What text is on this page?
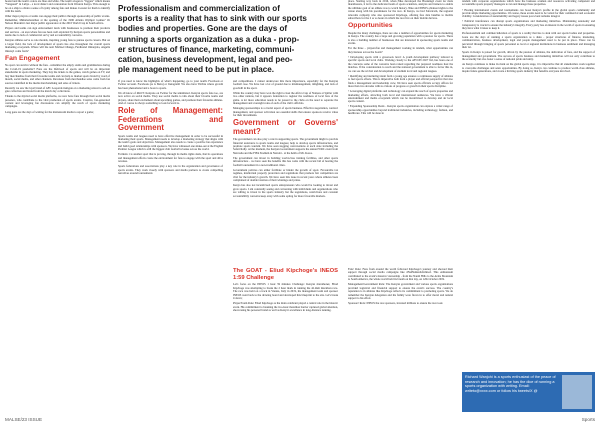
Professionalism and commercialization of
sports is a reality that has to sink with our sports
bodies and properties. Gone are the days of
running a sports organization as a duka - prop-
er structures of finance, marketing, communi-
cation, business development, legal and peo-
ple management need to be put in place.

hosted and the team's colors are blue and white. The team's slogan is "Jiggers" which means "Vanguard" in Luhya - a local dialect and connotation from Western Kenya. This enough to be on a ship to obtain a sense of loyalty among fans and makes it easier for them to identify with the team.

Other major players or teams can engage their publics through sponsorship of public events. Remember, Mkhalomarathon at the opening of the 1996 Atlanta Olympic Games? Or Nelson Mandela's last major public appearance at the 2010 World Cup in South Africa.

Players and teams can sign endorsement deals with businesses to promote their products and services - an area where fan use been well exploited by Kenyan sports personalities and teams due to lack of commercial savvy and accountability concerns.

Kenyan athletes serve as role models, inspiring young fans to pursue sports careers. But on a larger field, the lack of development of sports has also throughout the overall sports marketing ecosystem. Where will the next Michael Olunga, Ferdinand Omanyala, Angella Okutoyi come from?

Fan Engagement

No sport can survive without the fans - remember the empty stadia and grammarians during the Covid-19 pandemic? Fans are the lifeblood of sports and will be an important stakeholder in sports marketing. They buy the tickets to the games, watch games on TV, and buy merchandise from their favourite teams and can help to market sports brand by word of mouth, social media, and other channels. Revenues from merchandise sales come from fan sources identified in the media merchandising and sales of tickets.

Recently we saw the loyal brand of AFC Leopards instigate on a marketing retreat to sell-on gate collection and brand from the match day collections.

Thanks to the myriad social media platforms, we now have fans through their social media presence, who contribute to the vital promotion of sports events. Creative, fan-generated content and leveraging fan discussions can amplify the reach of sports marketing campaigns.

Long gone are the days of waiting for the mainstream media to report a game;

If you need to know the highlights of what's happening, go to your team's Facebook or Twitter account. Facebook (as is Meta) or Instagram! We also have TikTok where growth has been phenomenal and a boon to sports.

We all know of #KOT: Kenyans on Twitter for the uninitiated. Kenyan sports fans too, are now active on social media. They use social media to talk about their favorite teams and players, share their excitement about upcoming games, and promote their favourite athletes. And of course is always something to look forward to.

Role of Management: Federations and Government

Sports teams and leagues need to have effective management in order to be successful in marketing their sports. Management needs to develop a marketing strategy that aligns with the team's goals and objectives. Management also needs to create a positive fan experience and build good relationships with sponsors. We have witnessed one shake-out at the English Premier League which is still the biggest club football revenue across the world.

Formula 1 is another sport that is proving, through its media rights deals, that its operations and management efforts create the environment for fans to engage with the sport and drive revenue.

Sports federations and associations play a key role in the organization and governance of sports events. They work closely with sponsors and media partners to create compelling narratives around tournaments

and competitions. I cannot underscore this more importance, especially for the Kenyan football case. We have lost a lot of ground due to mismanagement, infighting, and lack of goodwill in the sport.

While the country may have won the right to host the Africa Cup of Nations at Spiller with two other nations, but it appears federation to register the readiness of local fans of the game. A lot more education needs to be passed to the clubs on the need to separate the management and oversight roles of each of the club's officials.

Managing sponsorships is a crucial aspect of sports business. Effective negotiation, contract management, and sponsor activation are essential skills that ensure sponsors receive value for their investments.

Government or Governs' meant?

The government can also play a role in supporting sports. The government might to provide financial assistance to sports teams and leagues; help to develop sports infrastructure, and promote sports tourism. We have seen nagging conversations at each state including the Safari Rally. At the moment, the Kenyan Government supports the annual WRC event from Naivasha and the FIFA Stadium in Nairobi - at the helm of Mr. Koros.

The government can invest in building world-class training facilities, and other sports infrastructure - we have seen the benefits this has come with the recent bid of hosting the football tournament in a non-traditional cities.

Government policies can either facilitate or hinder the growth of sport. Favourable tax regimes, intellectual property protection and regulations that promote fair competition are vital for the industry's growth. We have seen this issue in recent years where athletes been complained of double taxation of their winnings and prizes.

Kenya has also not incentivised sports entrepreneurs who would be looking to invest and grow sports. I am constantly seeing and conversing with individuals and organizations who are willing to invest in the sports industry but the regulations, restrictions and constant accountability concerns keep away with some opting for more favorable markets.

place. Starting way back in 2016, when Nike developed the Breaking2 event for male marathoners, it led to the dedicated team of sports scientists, analysts and trainers to enable the ultimate goal of an athlete was to watch history. Nike and INEOS obtained rights to the venue along with his pacemakers for the race. In Kenya, we had Safaricom, the regional telecoms company who also sponsored Kipchoge, offering free data bundles to mobile subscribers for the 2 or so hours in which the race live on their mobile devices.

Opportunities

Despite the many challenges, there are also a number of opportunities for sports marketing in Kenya. The country has a large and growing population with a passion for sports. There is also a budding number of businesses that are interested in sponsoring sports teams and events.

For the three – players/fan and management working in tandem, what opportunities can they harness across the board?

• Developing sports with a grassroots level: A youth development pathway tailored to specific sports and local clubs. Working closely to the AFCON 2027 bid, has been one of the concerns some of the concerns been raised regarding the prepared readiness host the matches. If the consideration to reach and the national government is able to factor this in, we can see the revival and development of stadium local and regional leagues.

• Identifying and nurturing talent from a young age ensures a continuous supply of athletes to fuel sports efforts. This is imperative both from a player and official perspective that also finds a management and leadership crew. We have seen sports officials occupy offices for more than two decades with no visions of progress or growth in their sports discipline.

• Leveraging digital platforms and technology can expand the reach of sports properties and marketing efforts, attracting both local and international audiences. We have a vibrant entertainment and media ecosystem which can be incentivised to develop and air local sports content.

• Expanding Sponsorship Deals - Kenyan sports organization can explore a wider range of sponsorship opportunities beyond traditional industries, including technology, fashion, and healthcare. This will be done in

The GOAT - Eliud Kipchoge's INEOS 1:59 Challenge

Let's focus on the INEOS 1 hour 59 minutes Challenge: Kenyan marathoner, Eliud Kipchoge was attempting to break the 2 hour mark in running the 42.2km marathon race. The race was held on a track in Vienna, Italy in 2019, his management team and sponsor INEOS went back to the drawing board and developed this blueprint to the site. Let's break it down;

Player/Team Role: Eliud Kipchoge as the main celebrant played a central role in the historic event. His commitment to breaking the two-hour marathon barrier captured global attention, showcasing his personal brand as well as Kenya's excellence in long-distance running.

Fans' Role: Fans from around the world followed Kipchoge's journey and showed their support through social media campaigns like #NoHumanIsLimited. This enthusiasm contributed to the event's massive viewership - from the Nandi Hills to the Arabs Mountain to South America, the whole world held its breath on that day, on 12th October 2019.

Management/Government Role: The Kenyan government and various sports organizations provided logistical and financial support to ensure the event's success. The country's reputation is in athletes like Kipchoge reflects its commitment to promoting sports. We do remember the Kenyan delegation and his family were flown in to offer moral and natural support to his effort.

Sponsors' Role: INEOS the race sponsors, invested millions to ensure the race took

tandem with corporate organizations which have the business acumen and resources activating competent and accountable sports property managers to run and manage these properties.

• Hosting international events and tournaments can boost Kenya's profile in the global sports community and provide ample marketing opportunities. Of course, these events need to be vetted for their commercial and economic viability. Consideration of sustainability and legacy issues post event remains integral.

• Political interference can disrupt sports organizations and marketing initiatives. Maintaining autonomy and transparency is crucial to ensure the industry's integrity. Every party has an interest in the world of sports in ensuring they have what it takes to keep it.

Professionalism and commercialization of sports is a reality that has to sink with our sports bodies and properties. Gone are the days of running a sports organization as a duka - proper structures of finance, marketing, communication, business development, legal and people management need to be put in place. There can be perceived through bringing of sports personnel as local or regional institutions in business sentiment and managing their lot.

Sports in Kenya is poised for growth, driven by the passion of athletes, the dedication of fans, and the support of management and government. The success of sports business and marketing initiatives will not only contribute to the economy but also foster a sense of national pride and unity.

As Kenya continues to make its mark on the global sports stage, it is imperative that all stakeholders work together to overcome challenges and seize opportunities. By doing so, Kenya can continue to produce world-class athletes, inspire future generations, and create a thriving sports industry that benefits everyone involved.

Richard Wanjohi is a sports enthusiast of the peace of research and innovation; he has the dice of running a sports organization with writing. Email: writeto@xxxx.com or follow his tweets/X @
MALSE/23 ISSUE	Sports
